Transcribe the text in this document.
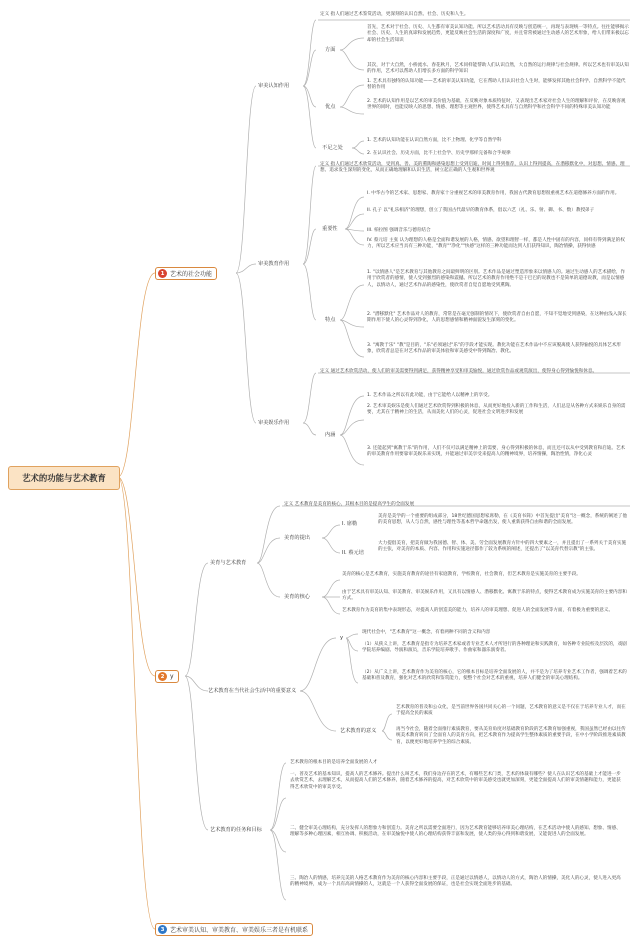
艺术的功能与艺术教育
1 艺术的社会功能
审美认知作用
定义 指人们通过艺术鉴赏活动，更深刻的认识自然、社会、历史和人生。
方面
首先，艺术对于社会、历史、人生都有审美认知功能。所以艺术活动具有反映与创造统一，再现与表现统一等特点。往往能够揭示社会、历史、人生的真谛和发展趋势，更能反映社会生活的深度和广度，并且常常被通过生动感人的艺术形象，给人们带来极以忘却的社会生活知识
其次，对于大自然，小桥流水、春花秋月，艺术同样能帮助人们认识自然，大自然的运行规律与社会规律。所以艺术也有审美认知的作用，艺术可以帮助人们增长多方面的科学知识
优点
1. 艺术具有独特的认知功能——艺术的审美认知功能，它在帮助人们认识社会人生时，能够发挥其他社会科学、自然科学不能代替的作用
2. 艺术的认知作用是以艺术的审美价值为基础，在反映对象本质特征时，又表现出艺术家对社会人生的理解和评价，在反映客观世界的同时，也能反映人的思想、情感、理想等主观世界，使得艺术具有与自然科学和社会科学不同的特殊审美认知功能
不足之处
1. 艺术的认知功能在认识自然方面，比不上物理、化学等自然学科
2. 在认识社会、历史方面，比不上社会学、历史学那样完备和合乎规律
审美教育作用
定义 指人们通过艺术欣赏活动，受到真、善、美的熏陶和感染思想上受到启迪，时间上得到推荐，认识上得到提高，在潜移默化中，对思想、情感、理想、追求发生深刻的变化，从而正确地理解和认识生活，树立起正确的人生观和世界观
重要性
I. 中华古今的艺术家、思想家、教育家十分重视艺术的审美教育作用，我国古代教育思想很重视艺术在道德修养方面的作用。
II. 孔子 以"礼乐相济"的理想，创立了我国古代最早的教育体系，倡以六艺（礼、乐、射、御、书、数）教授弟子
III. 柏拉图 强调音乐与德育结合
IV. 蔡元培 主张 认为理想的人格是全面和谐发展的人格，情感、欲望和理智一样，都是人性中固有的内容，同样有得到满足的权力，所以艺术应当具有三种功能，"教育""净化""快感"这样的三种功能而达到人们获得知识，陶冶情操，获得快感
特点
1. "以情感人"是艺术教育与其他教育之间最鲜明的区别。艺术作品是通过塑造形象来以情感人的。通过生动感人的艺术描绘，作用于欣赏者的感情，使人受到强烈的感染和震撼。所以艺术的教育作用绝不是干巴巴的说教也不是简单的道德说教，而是以情感人，以情动人，通过艺术作品的感染性，使欣赏者自觉自愿地受到熏陶。
2. "潜移默化" 艺术作品对人的教育，常常是在毫无强制的情况下，使欣赏者自由自愿，不知不觉地受到感染，在这种由浅入深长期作用下使人的心灵得到净化，人的思想感情和精神面貌发生深刻的变化。
3. "寓教于乐" "教"是目的，"乐"必须通过"乐"的手段才能实现。教化功能在艺术作品中不应该脱离使人获得愉悦的具体艺术形象，欣赏者总是在对艺术作品的审美体验和审美感受中得到陶冶、教化。
审美娱乐作用
定义 通过艺术欣赏活动，使人们的审美需要得到满足，获得精神享受和审美愉悦，通过欣赏作品或观赏演出，使得身心得到愉悦和休息。
内涵
1. 艺术作品之所以有此功能，由于它能给人以精神上的享受。
2. 艺术审美娱乐是使人们通过艺术欣赏得到积极的休息，从而更好地投入新的工作和生活，人们总是从各种方式来娱乐自身的需要，尤其在于精神上的生活，从而美化人们的心灵，促进社会文明进步和发展
3. 还能起到"寓教于乐"的作用，人们不仅可以满足精神上的需要，身心得到积极的休息，而且还可以从中受到教育和启迪。艺术的审美教育作用要靠审美娱乐来实现，并能通过审美享受来提高人的精神境界，培养情操，陶冶性情，净化心灵
2 y
美育与艺术教育
定义 艺术教育是美育的核心，其根本目的是提高学生的全面发展
美育的提出
I. 席勒
美育是美学的一个重要的组成部分，18世纪德国思想家席勒，在《美育书简》中首先提出"美育"这一概念，系统的阐述了他的美育思想，从人与自然，感性与理性等基本哲学命题出发，使人重新获得自由和谐的全面发展。
II. 蔡元培
大力提倡美育，把美育做为我国德、智、体、美、劳全面发展教育方针中的四大要素之一，并且提出了一系列关于美育实施的主张，对美育的本质、内容、作用和实施途径都作了较为系统的阐述，还提出了"以美育代替宗教"的主张。
美育的核心
美育的核心是艺术教育，实施美育教育的途径有家庭教育，学校教育，社会教育，但艺术教育是实施美育的主要手段。
由于艺术具有审美认知、审美教育、审美娱乐作用，又具有以情感人、潜移默化、寓教于乐的特点，使得艺术教育成为实施美育的主要内容和方式。
艺术教育作为美育的集中表现形态，对提高人的创造美的能力，培养人的审美理想、促进人的全面发展等方面，有着极为重要的意义。
艺术教育在当代社会生活中的重要意义
y
现代社会中，"艺术教育"这一概念，有着两种不同的含义和内容
（1）从狭义上讲，艺术教育是指专为培养艺术家或者专业艺术人才所进行的各种理论和实践教育，如各种专业院校及层次的，戏剧学院培养编剧、导演和演员，音乐学院培养歌手、作曲家和器乐演奏者。
（2）从广义上讲，艺术教育作为美育的核心，它的根本目标是培养全面发展的人，并不是为了培养专业艺术工作者，强调着艺术的基础和普及教育，强化对艺术的欣赏和鉴赏能力，使整个社会对艺术的重视，培养人们健全的审美心理结构。
艺术教育的意义
艺术教育的普及和公众化，是当前世界各国共同关心的一个问题，艺术教育的意义是不仅在于培养专业人才，而在于提高全民的素质
再当今社会，随着全面推行素质教育，要从美育角度对基础教育阶段的艺术教育加强重视，我国虽然已经由以往传统美术教育转向了全面育人的美育方向，把艺术教育作为提高学生整体素质的重要手段，在中小学阶段推进素质教育，以便更好地培养学生的综合素质。
艺术教育的任务和目标
艺术教育的根本目的是培养全面发展的人才
一、普及艺术的基本知识，提高人的艺术修养。提出什么叫艺术，我们身边存在的艺术，有哪些艺术门类，艺术的体裁有哪些？使人在认识艺术的基础上才能进一步去欣赏艺术，去理解艺术，从而提高人们的艺术修养，随着艺术修养的提高，对艺术欣赏中的审美感受也就更加深刻，更能全面提高人们的审美情趣和能力，更能获得艺术欣赏中的审美享受。
二、健全审美心理结构，充分发挥人的想象力和创造力。美育之所以需要全面进行，因为艺术教育能够培养审美心理结构，在艺术活动中使人的感知、想象、情感、理解等多种心理因素，相互协调、积极活动，在审美愉悦中使人的心理结构获得丰富和发展，使人类的身心得到和谐发展，又能促进人的全面发展。
三、陶冶人的情感，培养完美的人格艺术教育作为美育的核心内容和主要手段，正是通过以情感人，以情动人的方式，陶冶人的情操，美化人的心灵，使人进入更高的精神境界，成为一个具有高尚情操的人，这就是一个人获得全面发展的保证，也是社会实现全面进步的基础。
3 艺术审美认知、审美教育、审美娱乐三者是有机联系
